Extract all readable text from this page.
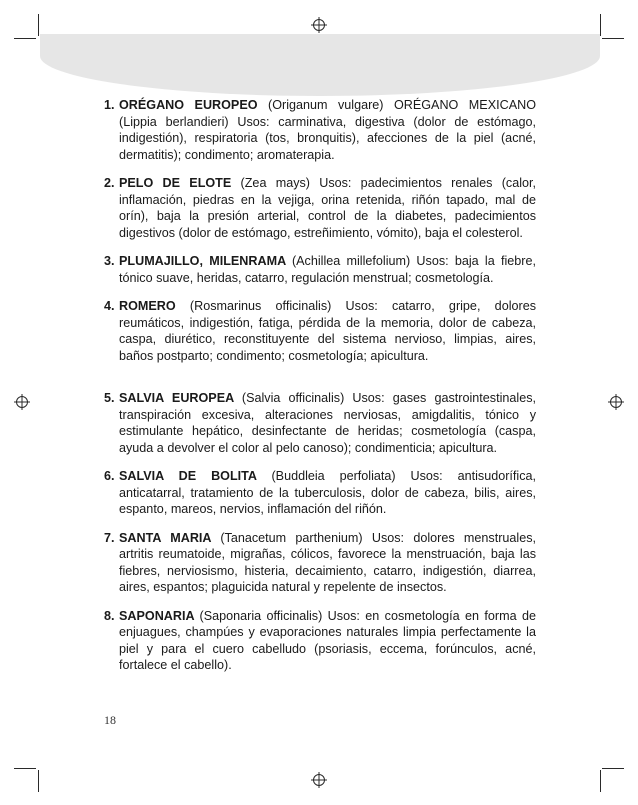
1. ORÉGANO EUROPEO (Origanum vulgare) ORÉGANO MEXICANO (Lippia berlandieri) Usos: carminativa, digestiva (dolor de estómago, indigestión), respiratoria (tos, bronquitis), afecciones de la piel (acné, dermatitis); condimento; aromaterapia.
2. PELO DE ELOTE (Zea mays) Usos: padecimientos renales (calor, inflamación, piedras en la vejiga, orina retenida, riñón tapado, mal de orín), baja la presión arterial, control de la diabetes, padecimientos digestivos (dolor de estómago, estreñimiento, vómito), baja el colesterol.
3. PLUMAJILLO, MILENRAMA (Achillea millefolium) Usos: baja la fiebre, tónico suave, heridas, catarro, regulación menstrual; cosmetología.
4. ROMERO (Rosmarinus officinalis) Usos: catarro, gripe, dolores reumáticos, indigestión, fatiga, pérdida de la memoria, dolor de cabeza, caspa, diurético, reconstituyente del sistema nervioso, limpias, aires, baños postparto; condimento; cosmetología; apicultura.
5. SALVIA EUROPEA (Salvia officinalis) Usos: gases gastrointestinales, transpiración excesiva, alteraciones nerviosas, amigdalitis, tónico y estimulante hepático, desinfectante de heridas; cosmetología (caspa, ayuda a devolver el color al pelo canoso); condimenticia; apicultura.
6. SALVIA DE BOLITA (Buddleia perfoliata) Usos: antisudorífica, anticatarral, tratamiento de la tuberculosis, dolor de cabeza, bilis, aires, espanto, mareos, nervios, inflamación del riñón.
7. SANTA MARIA (Tanacetum parthenium) Usos: dolores menstruales, artritis reumatoide, migrañas, cólicos, favorece la menstruación, baja las fiebres, nerviosismo, histeria, decaimiento, catarro, indigestión, diarrea, aires, espantos; plaguicida natural y repelente de insectos.
8. SAPONARIA (Saponaria officinalis) Usos: en cosmetología en forma de enjuagues, champúes y evaporaciones naturales limpia perfectamente la piel y para el cuero cabelludo (psoriasis, eccema, forúnculos, acné, fortalece el cabello).
18
